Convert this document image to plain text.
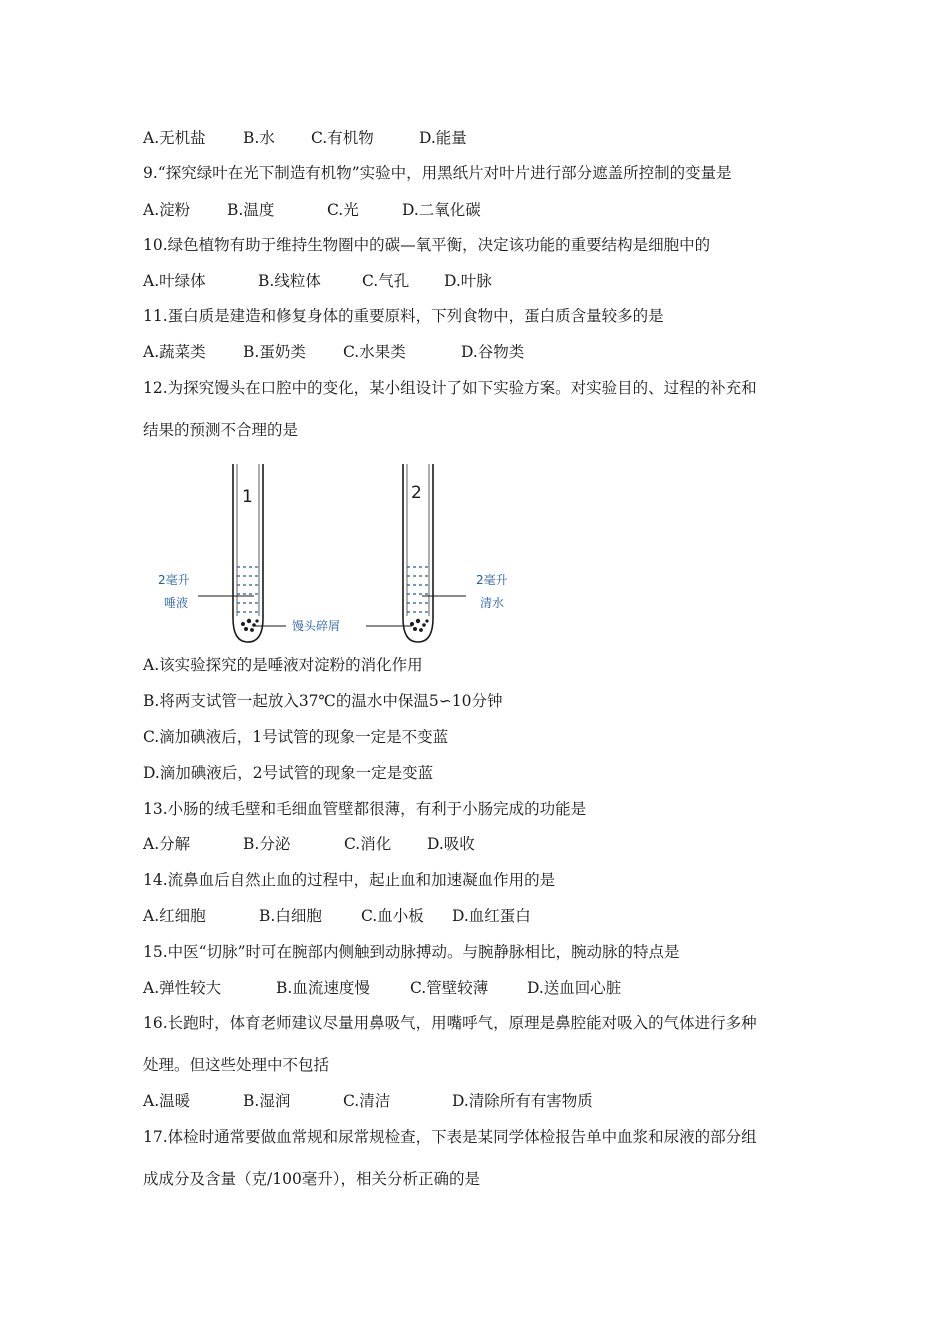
A.无机盐 B.水 C.有机物	D.能量
9.“探究绿叶在光下制造有机物”实验中，用黑纸片对叶片进行部分遮盖所控制的变量是
A.淀粉 B.温度	C.光	D.二氧化碳
10.绿色植物有助于维持生物圈中的碳—氧平衡，决定该功能的重要结构是细胞中的
A.叶绿体	B.线粒体	C.气孔 D.叶脉
11.蛋白质是建造和修复身体的重要原料，下列食物中，蛋白质含量较多的是
A.蔬菜类 B.蛋奶类 C.水果类	D.谷物类
12.为探究馒头在口腔中的变化，某小组设计了如下实验方案。对实验目的、过程的补充和
结果的预测不合理的是
1	2
2毫升
唾液
2毫升
清水
馒头碎屑
A.该实验探究的是唾液对淀粉的消化作用
B.将两支试管一起放入37℃的温水中保温5∽10分钟
C.滴加碘液后，1号试管的现象一定是不变蓝
D.滴加碘液后，2号试管的现象一定是变蓝
13.小肠的绒毛壁和毛细血管壁都很薄，有利于小肠完成的功能是
A.分解	B.分泌	C.消化 D.吸收
14.流鼻血后自然止血的过程中，起止血和加速凝血作用的是
A.红细胞	B.白细胞	C.血小板 D.血红蛋白
15.中医“切脉”时可在腕部内侧触到动脉搏动。与腕静脉相比，腕动脉的特点是
A.弹性较大	B.血流速度慢	C.管壁较薄	D.送血回心脏
16.长跑时，体育老师建议尽量用鼻吸气，用嘴呼气，原理是鼻腔能对吸入的气体进行多种
处理。但这些处理中不包括
A.温暖	B.湿润	C.清洁	D.清除所有有害物质
17.体检时通常要做血常规和尿常规检查，下表是某同学体检报告单中血浆和尿液的部分组
成成分及含量（克/100毫升），相关分析正确的是
